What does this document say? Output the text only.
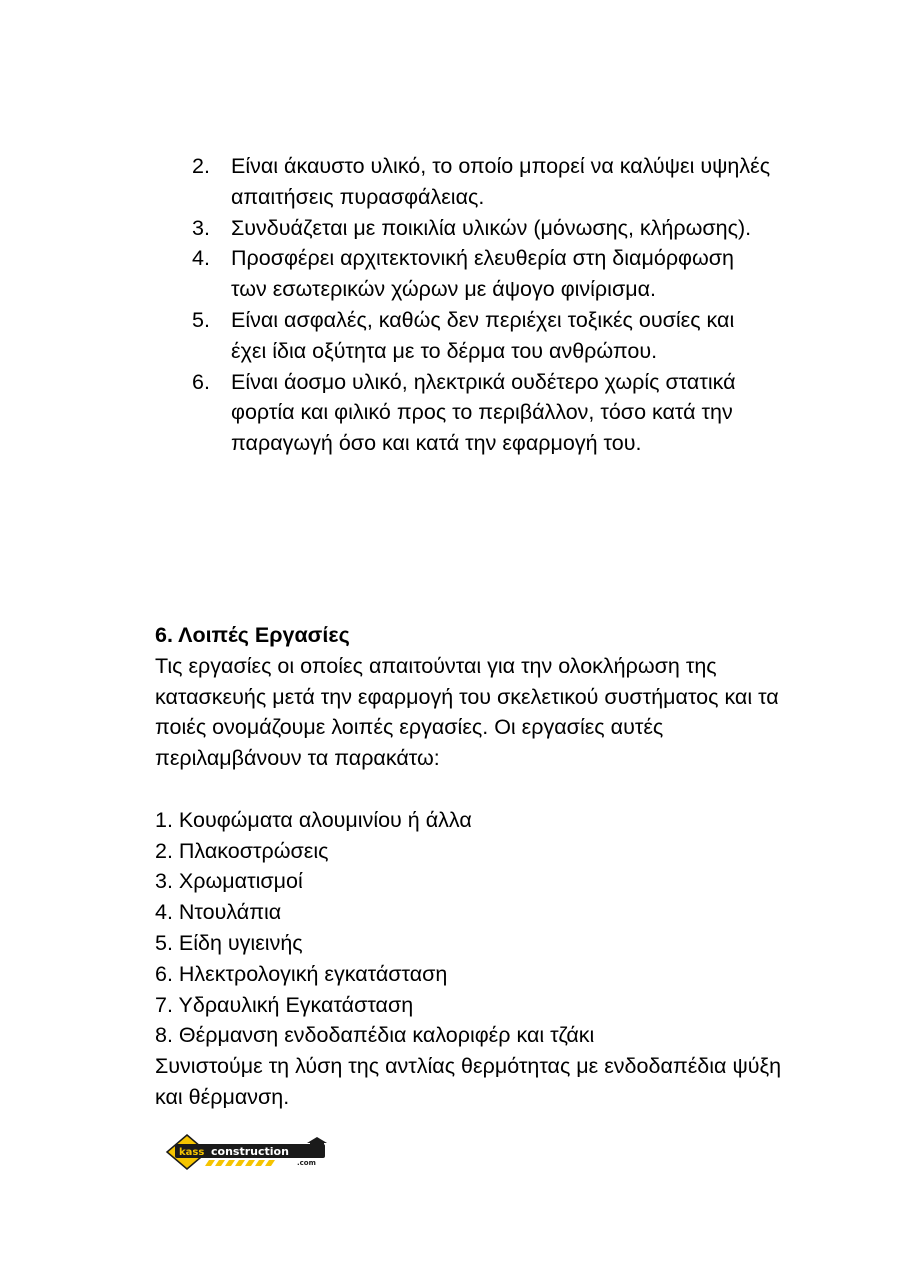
2. Είναι άκαυστο υλικό, το οποίο μπορεί να καλύψει υψηλές απαιτήσεις πυρασφάλειας.
3. Συνδυάζεται με ποικιλία υλικών (μόνωσης, κλήρωσης).
4. Προσφέρει αρχιτεκτονική ελευθερία στη διαμόρφωση των εσωτερικών χώρων με άψογο φινίρισμα.
5. Είναι ασφαλές, καθώς δεν περιέχει τοξικές ουσίες και έχει ίδια οξύτητα με το δέρμα του ανθρώπου.
6. Είναι άοσμο υλικό, ηλεκτρικά ουδέτερο χωρίς στατικά φορτία και φιλικό προς το περιβάλλον, τόσο κατά την παραγωγή όσο και κατά την εφαρμογή του.
6. Λοιπές Εργασίες

Τις εργασίες οι οποίες απαιτούνται για την ολοκλήρωση της κατασκευής μετά την εφαρμογή του σκελετικού συστήματος και τα ποιές ονομάζουμε λοιπές εργασίες. Οι εργασίες αυτές περιλαμβάνουν τα παρακάτω:

1. Κουφώματα αλουμινίου ή άλλα
2. Πλακοστρώσεις
3. Χρωματισμοί
4. Ντουλάπια
5. Είδη υγιεινής
6. Ηλεκτρολογική εγκατάσταση
7. Υδραυλική Εγκατάσταση
8. Θέρμανση ενδοδαπέδια καλοριφέρ και τζάκι

Συνιστούμε τη λύση της αντλίας θερμότητας με ενδοδαπέδια ψύξη και θέρμανση.

kass construction
.com
